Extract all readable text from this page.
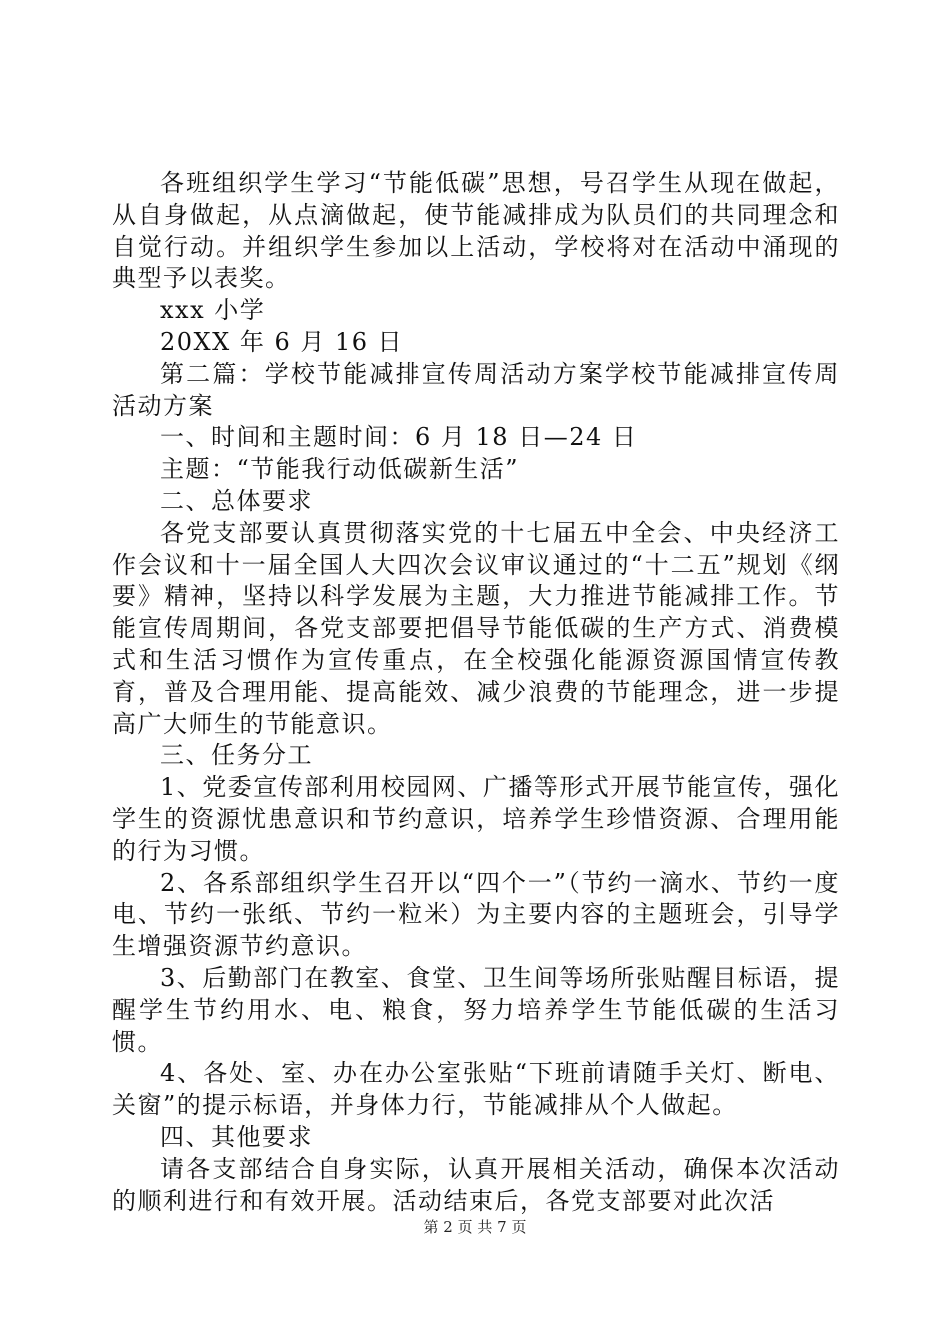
各班组织学生学习“节能低碳”思想，号召学生从现在做起，从自身做起，从点滴做起，使节能减排成为队员们的共同理念和自觉行动。并组织学生参加以上活动，学校将对在活动中涌现的典型予以表奖。

xxx 小学

20XX 年 6 月 16 日

第二篇：学校节能减排宣传周活动方案学校节能减排宣传周活动方案

一、时间和主题时间：6 月 18 日—24 日

主题：“节能我行动低碳新生活”

二、总体要求

各党支部要认真贯彻落实党的十七届五中全会、中央经济工作会议和十一届全国人大四次会议审议通过的“十二五”规划《纲要》精神，坚持以科学发展为主题，大力推进节能减排工作。节能宣传周期间，各党支部要把倡导节能低碳的生产方式、消费模式和生活习惯作为宣传重点，在全校强化能源资源国情宣传教育，普及合理用能、提高能效、减少浪费的节能理念，进一步提高广大师生的节能意识。

三、任务分工

1、党委宣传部利用校园网、广播等形式开展节能宣传，强化学生的资源忧患意识和节约意识，培养学生珍惜资源、合理用能的行为习惯。

2、各系部组织学生召开以“四个一”（节约一滴水、节约一度电、节约一张纸、节约一粒米）为主要内容的主题班会，引导学生增强资源节约意识。

3、后勤部门在教室、食堂、卫生间等场所张贴醒目标语，提醒学生节约用水、电、粮食，努力培养学生节能低碳的生活习惯。

4、各处、室、办在办公室张贴“下班前请随手关灯、断电、关窗”的提示标语，并身体力行，节能减排从个人做起。

四、其他要求

请各支部结合自身实际，认真开展相关活动，确保本次活动的顺利进行和有效开展。活动结束后，各党支部要对此次活

第 2 页 共 7 页
